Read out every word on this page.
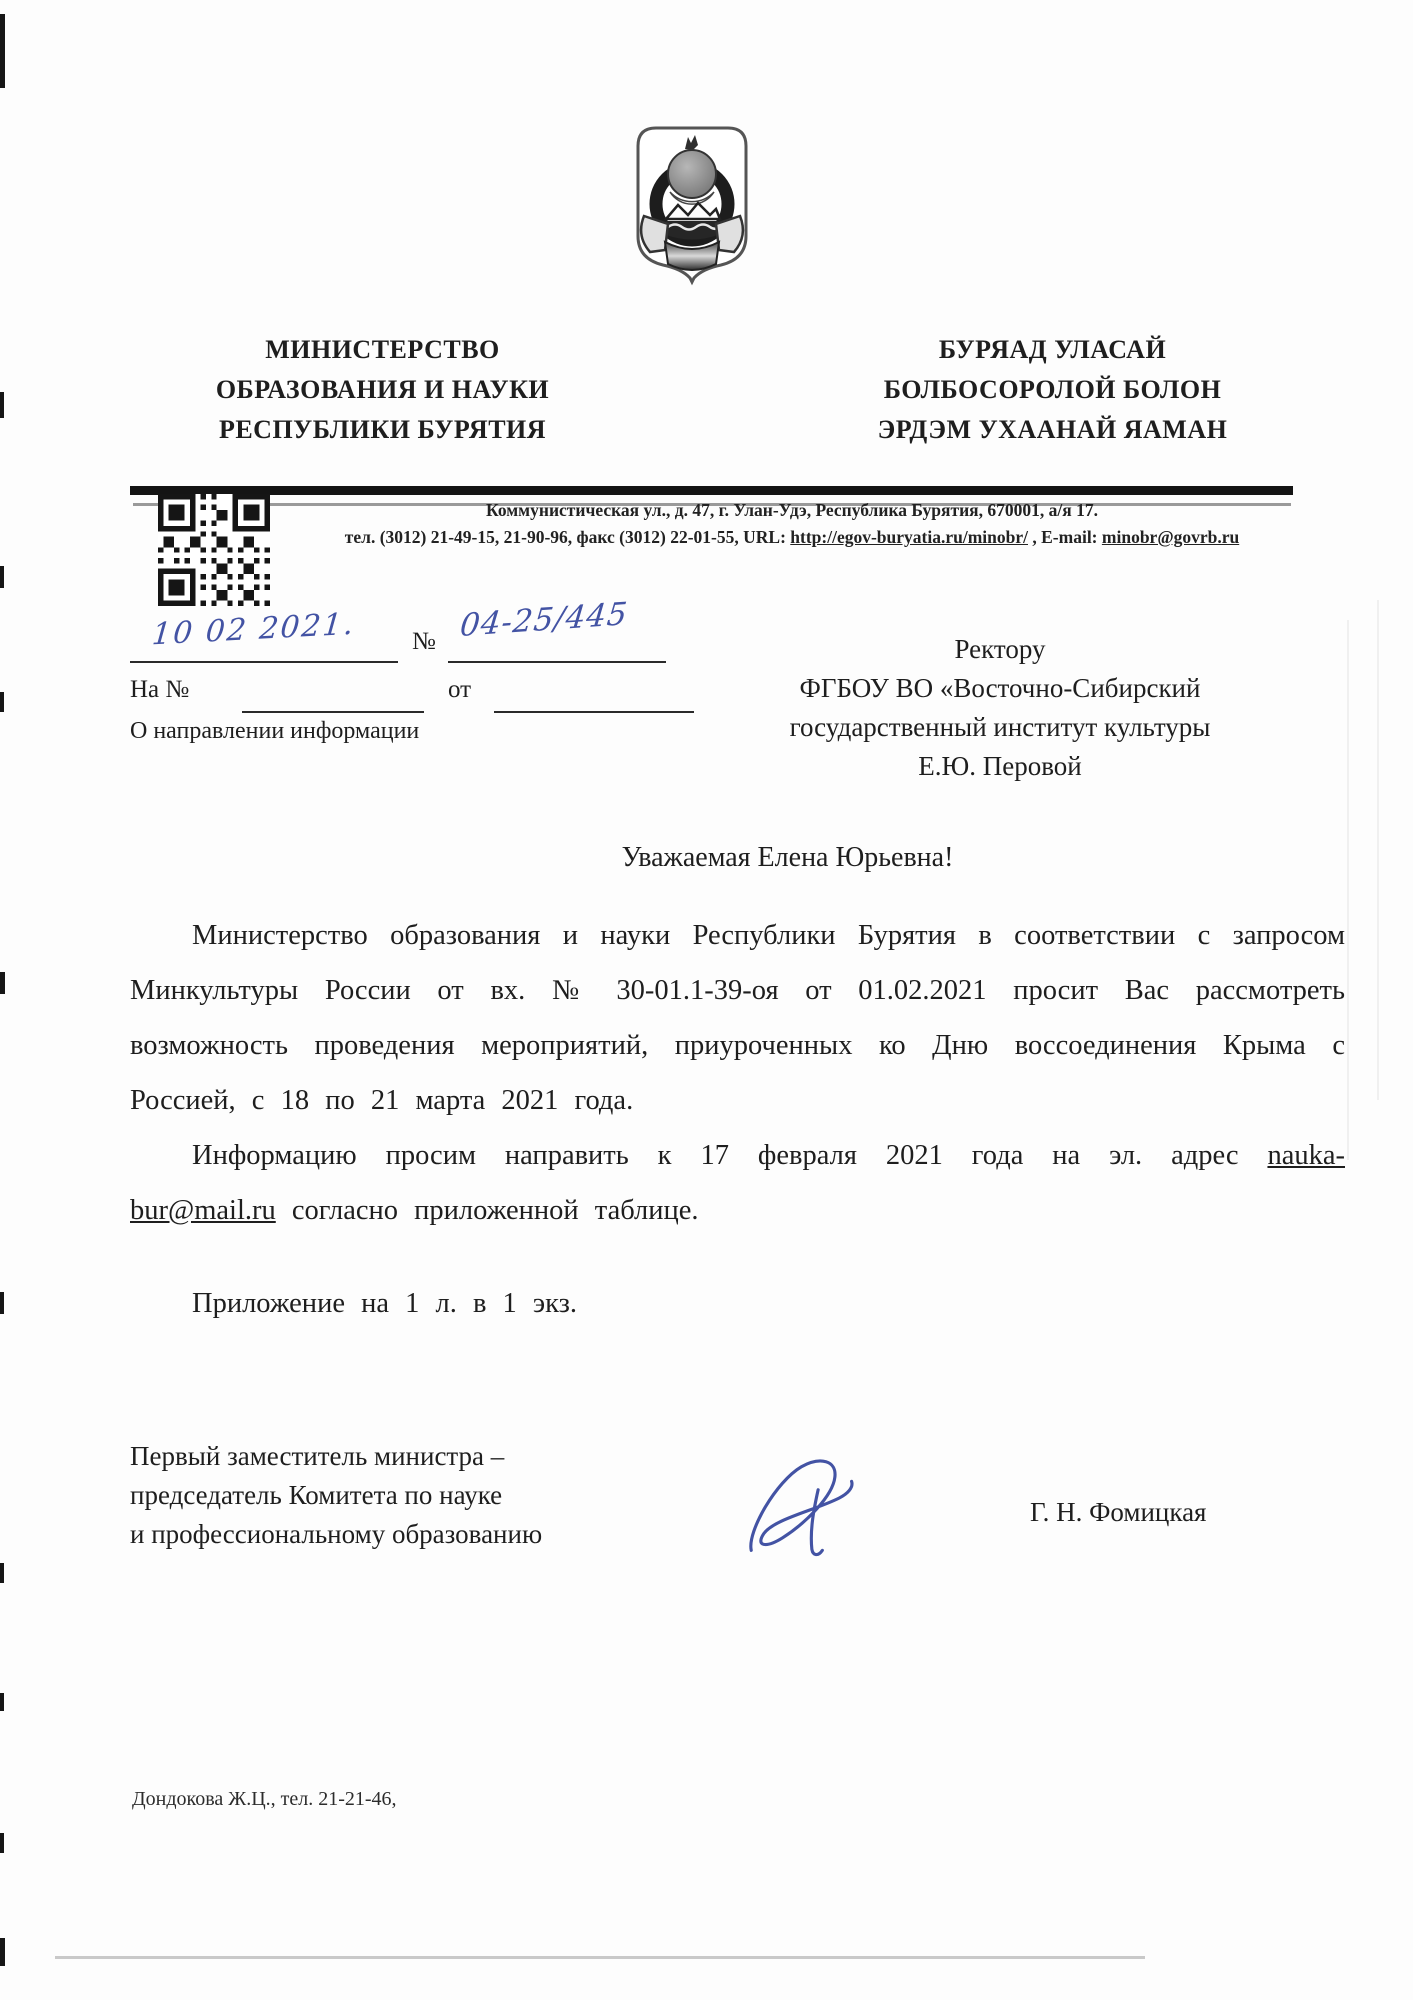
МИНИСТЕРСТВО
ОБРАЗОВАНИЯ И НАУКИ
РЕСПУБЛИКИ БУРЯТИЯ
БУРЯАД УЛАСАЙ
БОЛБОСОРОЛОЙ БОЛОН
ЭРДЭМ УХААНАЙ ЯАМАН
Коммунистическая ул., д. 47, г. Улан-Удэ, Республика Бурятия, 670001, а/я 17.
тел. (3012) 21-49-15, 21-90-96, факс (3012) 22-01-55, URL: http://egov-buryatia.ru/minobr/ , E-mail: minobr@govrb.ru
10 02 2021. № 04-25/445
На №	от
О направлении информации
Ректору
ФГБОУ ВО «Восточно-Сибирский
государственный институт культуры
Е.Ю. Перовой
Уважаемая Елена Юрьевна!

Министерство образования и науки Республики Бурятия в соответствии с запросом Минкультуры России от вх. № 30-01.1-39-оя от 01.02.2021 просит Вас рассмотреть возможность проведения мероприятий, приуроченных ко Дню воссоединения Крыма с Россией, с 18 по 21 марта 2021 года.

Информацию просим направить к 17 февраля 2021 года на эл. адрес nauka-bur@mail.ru согласно приложенной таблице.

Приложение на 1 л. в 1 экз.

Первый заместитель министра –
председатель Комитета по науке
и профессиональному образованию
Г. Н. Фомицкая
Дондокова Ж.Ц., тел. 21-21-46,
